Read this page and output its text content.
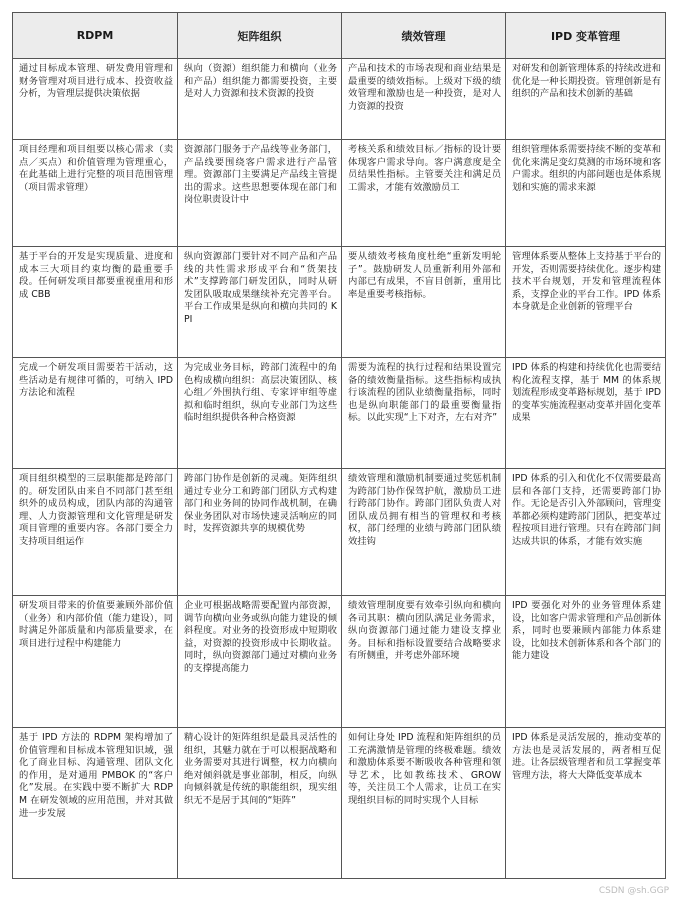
RDPM	矩阵组织	绩效管理	IPD 变革管理
通过目标成本管理、研发费用管理和财务管理对项目进行成本、投资收益分析，为管理层提供决策依据	纵向（资源）组织能力和横向（业务和产品）组织能力都需要投资，主要是对人力资源和技术资源的投资	产品和技术的市场表现和商业结果是最重要的绩效指标。上级对下级的绩效管理和激励也是一种投资，是对人力资源的投资	对研发和创新管理体系的持续改进和优化是一种长期投资。管理创新是有组织的产品和技术创新的基础
项目经理和项目组要以核心需求（卖点／买点）和价值管理为管理重心，在此基础上进行完整的项目范围管理（项目需求管理）	资源部门服务于产品线等业务部门，产品线要围绕客户需求进行产品管理。资源部门主要满足产品线主管提出的需求。这些思想要体现在部门和岗位职责设计中	考核关系和绩效目标／指标的设计要体现客户需求导向。客户满意度是全员结果性指标。主管要关注和满足员工需求，才能有效激励员工	组织管理体系需要持续不断的变革和优化来满足变幻莫测的市场环境和客户需求。组织的内部问题也是体系规划和实施的需求来源
基于平台的开发是实现质量、进度和成本三大项目约束均衡的最重要手段。任何研发项目都要重视重用和形成 CBB	纵向资源部门要针对不同产品和产品线的共性需求形成平台和“货架技术”支撑跨部门研发团队，同时从研发团队吸取成果继续补充完善平台。平台工作成果是纵向和横向共同的 KPI	要从绩效考核角度杜绝“重新发明轮子”。鼓励研发人员重新利用外部和内部已有成果，不盲目创新，重用比率是重要考核指标。	管理体系要从整体上支持基于平台的开发，否则需要持续优化。逐步构建技术平台规划，开发和管理流程体系，支撑企业的平台工作。IPD 体系本身就是企业创新的管理平台
完成一个研发项目需要若干活动，这些活动是有规律可循的，可纳入 IPD 方法论和流程	为完成业务目标，跨部门流程中的角色构成横向组织：高层决策团队、核心组／外围执行组、专家评审组等虚拟和临时组织，纵向专业部门为这些临时组织提供各种合格资源	需要为流程的执行过程和结果设置完备的绩效衡量指标。这些指标构成执行该流程的团队业绩衡量指标，同时也是纵向职能部门的最重要衡量指标。以此实现“上下对齐，左右对齐”	IPD 体系的构建和持续优化也需要结构化流程支撑，基于 MM 的体系规划流程形成变革路标规划，基于 IPD 的变革实施流程驱动变革并固化变革成果
项目组织模型的三层职能都是跨部门的。研发团队由来自不同部门甚至组织外的成员构成，团队内部的沟通管理、人力资源管理和文化管理是研发项目管理的重要内容。各部门要全力支持项目组运作	跨部门协作是创新的灵魂。矩阵组织通过专业分工和跨部门团队方式构建部门和业务间的协同作战机制，在确保业务团队对市场快速灵活响应的同时，发挥资源共享的规模优势	绩效管理和激励机制要通过奖惩机制为跨部门协作保驾护航，激励员工进行跨部门协作。跨部门团队负责人对团队成员拥有相当的管理权和考核权，部门经理的业绩与跨部门团队绩效挂钩	IPD 体系的引入和优化不仅需要最高层和各部门支持，还需要跨部门协作。无论是否引入外部顾问，管理变革都必须构建跨部门团队，把变革过程按项目进行管理。只有在跨部门间达成共识的体系，才能有效实施
研发项目带来的价值要兼顾外部价值（业务）和内部价值（能力建设），同时满足外部质量和内部质量要求，在项目进行过程中构建能力	企业可根据战略需要配置内部资源，调节向横向业务或纵向能力建设的倾斜程度。对业务的投资形成中短期收益，对资源的投资形成中长期收益。同时，纵向资源部门通过对横向业务的支撑提高能力	绩效管理制度要有效牵引纵向和横向各司其职：横向团队满足业务需求，纵向资源部门通过能力建设支撑业务。目标和指标设置要结合战略要求有所侧重，并考虑外部环境	IPD 要强化对外的业务管理体系建设，比如客户需求管理和产品创新体系，同时也要兼顾内部能力体系建设，比如技术创新体系和各个部门的能力建设
基于 IPD 方法的 RDPM 架构增加了价值管理和目标成本管理知识域，强化了商业目标、沟通管理、团队文化的作用，是对通用 PMBOK 的“客户化”发展。在实践中要不断扩大 RDPM 在研发领域的应用范围，并对其做进一步发展	精心设计的矩阵组织是最具灵活性的组织，其魅力就在于可以根据战略和业务需要对其进行调整，权力向横向绝对倾斜就是事业部制，相反，向纵向倾斜就是传统的职能组织，现实组织无不是居于其间的“矩阵”	如何让身处 IPD 流程和矩阵组织的员工充满激情是管理的终极难题。绩效和激励体系要不断吸收各种管理和领导艺术，比如教练技术、GROW 等，关注员工个人需求，让员工在实现组织目标的同时实现个人目标	IPD 体系是灵活发展的，推动变革的方法也是灵活发展的，两者相互促进。让各层级管理者和员工掌握变革管理方法，将大大降低变革成本
CSDN @sh.GGP
